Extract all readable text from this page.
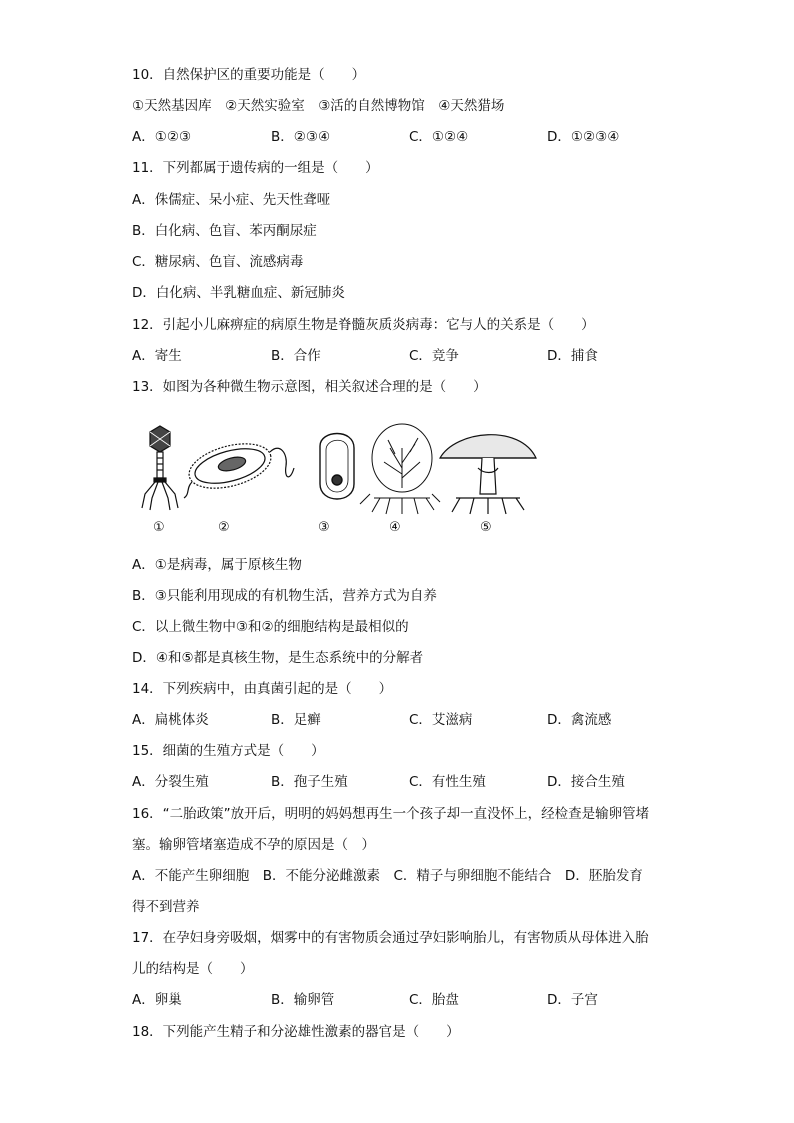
10．自然保护区的重要功能是（　　）
①天然基因库　②天然实验室　③活的自然博物馆　④天然猎场
A．①②③	B．②③④	C．①②④	D．①②③④
11．下列都属于遗传病的一组是（　　）
A．侏儒症、呆小症、先天性聋哑
B．白化病、色盲、苯丙酮尿症
C．糖尿病、色盲、流感病毒
D．白化病、半乳糖血症、新冠肺炎
12．引起小儿麻痹症的病原生物是脊髓灰质炎病毒：它与人的关系是（　　）
A．寄生	B．合作	C．竞争	D．捕食
13．如图为各种微生物示意图，相关叙述合理的是（　　）
①	②	③	④	⑤
A．①是病毒，属于原核生物
B．③只能利用现成的有机物生活，营养方式为自养
C．以上微生物中③和②的细胞结构是最相似的
D．④和⑤都是真核生物，是生态系统中的分解者
14．下列疾病中，由真菌引起的是（　　）
A．扁桃体炎	B．足癣	C．艾滋病	D．禽流感
15．细菌的生殖方式是（　　）
A．分裂生殖	B．孢子生殖	C．有性生殖	D．接合生殖
16．“二胎政策”放开后，明明的妈妈想再生一个孩子却一直没怀上，经检查是输卵管堵
塞。输卵管堵塞造成不孕的原因是（　）
A．不能产生卵细胞　B．不能分泌雌激素　C．精子与卵细胞不能结合　D．胚胎发育
得不到营养
17．在孕妇身旁吸烟，烟雾中的有害物质会通过孕妇影响胎儿，有害物质从母体进入胎
儿的结构是（　　）
A．卵巢	B．输卵管	C．胎盘	D．子宫
18．下列能产生精子和分泌雄性激素的器官是（　　）
